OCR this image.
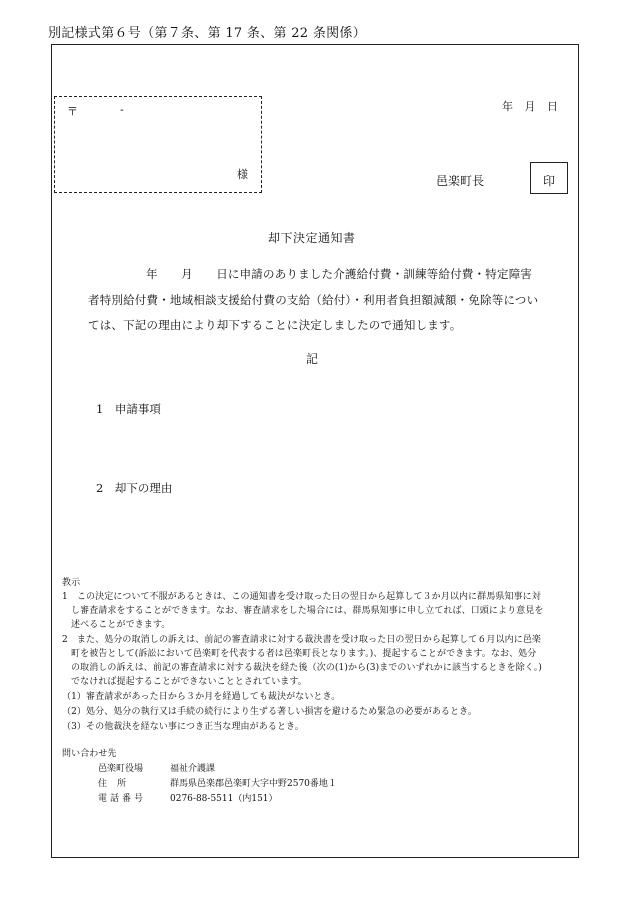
別記様式第６号（第７条、第 17 条、第 22 条関係）
〒	-
様
年 月 日
邑楽町長	印
却下決定通知書
年　　月　　日に申請のありました介護給付費・訓練等給付費・特定障害
者特別給付費・地域相談支援給付費の支給（給付）・利用者負担額減額・免除等につい
ては、下記の理由により却下することに決定しましたので通知します。
記
1　申請事項
2　却下の理由
教示
1　この決定について不服があるときは、この通知書を受け取った日の翌日から起算して３か月以内に群馬県知事に対
し審査請求をすることができます。なお、審査請求をした場合には、群馬県知事に申し立てれば、口頭により意見を
述べることができます。
2　また、処分の取消しの訴えは、前記の審査請求に対する裁決書を受け取った日の翌日から起算して６月以内に邑楽
町を被告として(訴訟において邑楽町を代表する者は邑楽町長となります。)、提起することができます。なお、処分
の取消しの訴えは、前記の審査請求に対する裁決を経た後（次の(1)から(3)までのいずれかに該当するときを除く。)
でなければ提起することができないこととされています。
（1）審査請求があった日から３か月を経過しても裁決がないとき。
（2）処分、処分の執行又は手続の続行により生ずる著しい損害を避けるため緊急の必要があるとき。
（3）その他裁決を経ない事につき正当な理由があるとき。
問い合わせ先
邑楽町役場	福祉介護課
住所	群馬県邑楽郡邑楽町大字中野2570番地１
電話番号	0276-88-5511（内151）
